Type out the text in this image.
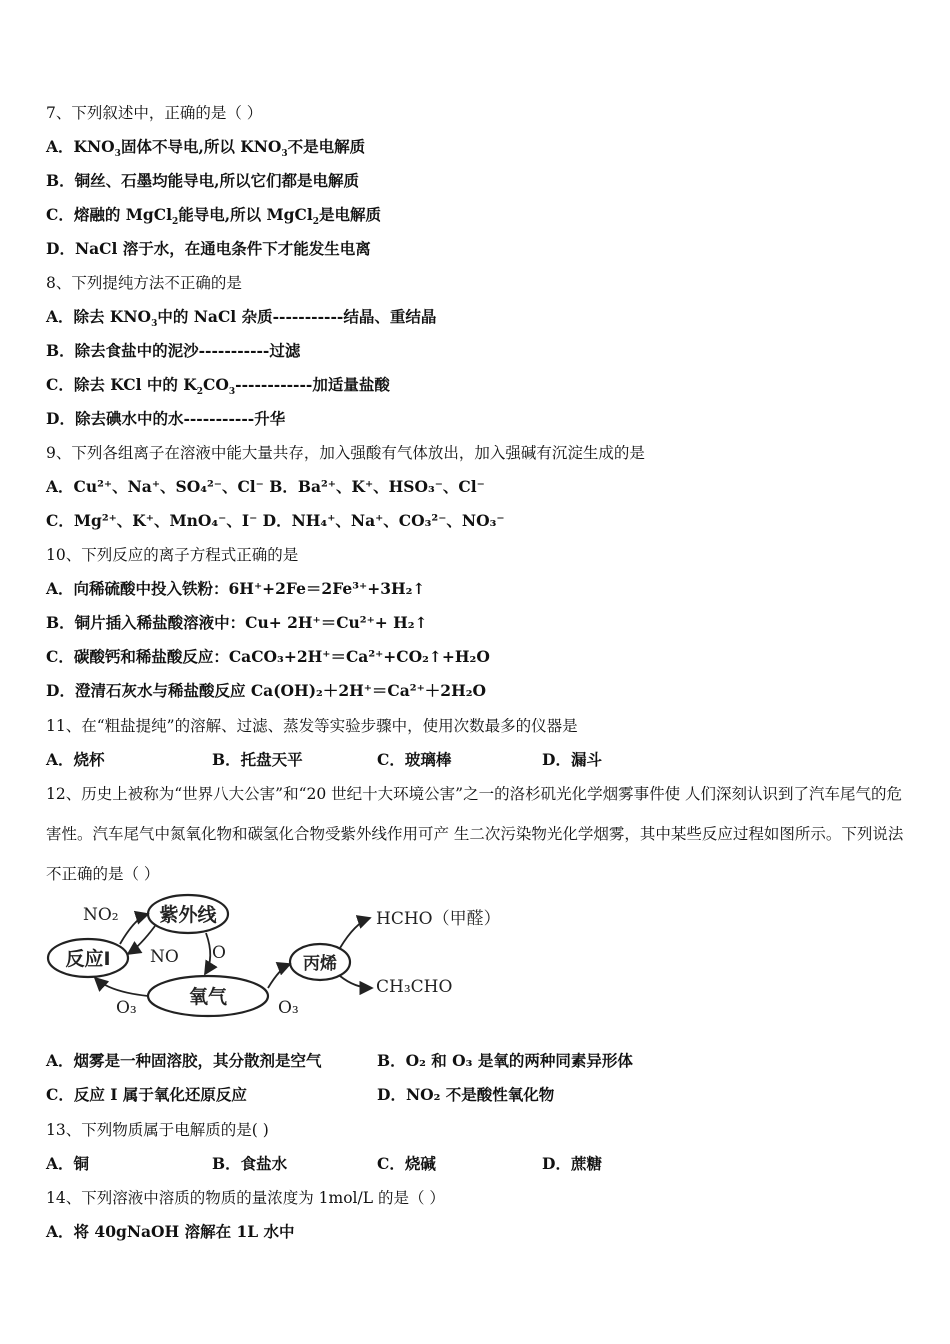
7、下列叙述中，正确的是（ ）
A．$KNO_3$固体不导电,所以 $KNO_3$不是电解质
B．铜丝、石墨均能导电,所以它们都是电解质
C．熔融的 MgCl$_2$能导电,所以 MgCl$_2$是电解质
D．NaCl 溶于水，在通电条件下才能发生电离
8、下列提纯方法不正确的是
A．除去 $KNO_3$中的 NaCl 杂质-----------结晶、重结晶
B．除去食盐中的泥沙-----------过滤
C．除去 KCl 中的 $K_2CO_3------------$加适量盐酸
D．除去碘水中的水-----------升华
9、下列各组离子在溶液中能大量共存，加入强酸有气体放出，加入强碱有沉淀生成的是
A．Cu²⁺、Na⁺、SO₄²⁻、Cl⁻ B．Ba²⁺、K⁺、HSO₃⁻、Cl⁻
C．Mg²⁺、K⁺、MnO₄⁻、I⁻ D．NH₄⁺、Na⁺、CO₃²⁻、NO₃⁻
10、下列反应的离子方程式正确的是
A．向稀硫酸中投入铁粉：6H⁺+2Fe＝2Fe³⁺+3H₂↑
B．铜片插入稀盐酸溶液中：Cu+ 2H⁺＝Cu²⁺+ H₂↑
C．碳酸钙和稀盐酸反应：CaCO₃+2H⁺＝Ca²⁺+CO₂↑+H₂O
D．澄清石灰水与稀盐酸反应 Ca(OH)₂＋2H⁺＝Ca²⁺＋2H₂O
11、在“粗盐提纯”的溶解、过滤、蒸发等实验步骤中，使用次数最多的仪器是
A．烧杯	B．托盘天平	C．玻璃棒	D．漏斗
12、历史上被称为“世界八大公害”和“20 世纪十大环境公害”之一的洛杉矶光化学烟雾事件使 人们深刻认识到了汽车尾气的危害性。汽车尾气中氮氧化物和碳氢化合物受紫外线作用可产 生二次污染物光化学烟雾，其中某些反应过程如图所示。下列说法不正确的是（ ）
NO₂ 紫外线
反应I NO O
氧气
丙烯
HCHO（甲醛）
O₃	O₃
CH₃CHO
A．烟雾是一种固溶胶，其分散剂是空气	B．O₂ 和 O₃ 是氧的两种同素异形体
C．反应 I 属于氧化还原反应	D．NO₂ 不是酸性氧化物
13、下列物质属于电解质的是( )
A．铜	B．食盐水	C．烧碱	D．蔗糖
14、下列溶液中溶质的物质的量浓度为 1mol/L 的是（ ）
A．将 40gNaOH 溶解在 1L 水中
